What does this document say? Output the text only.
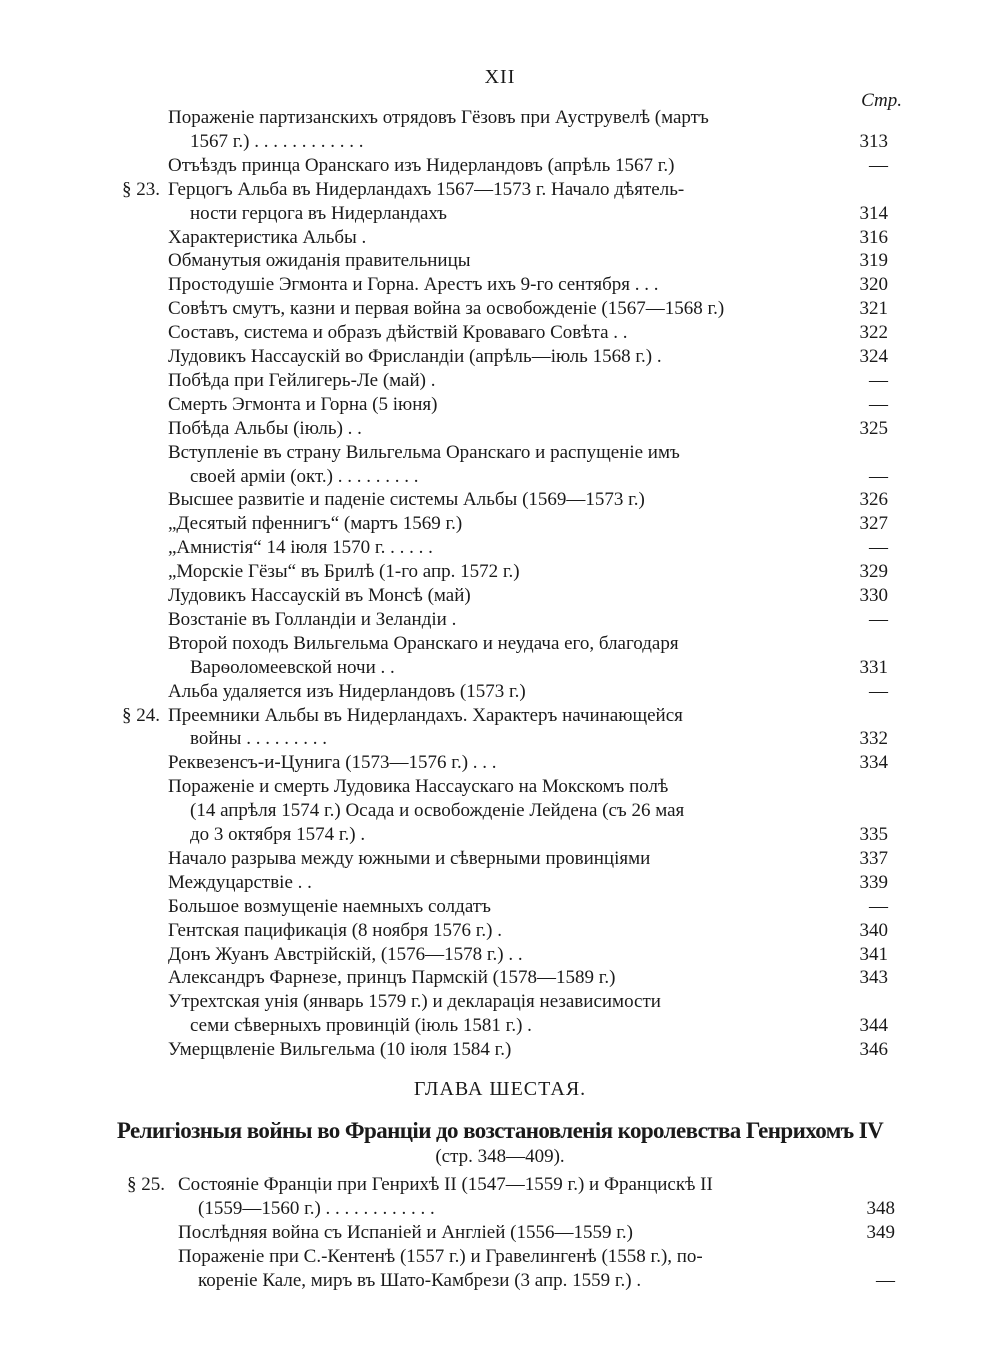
XII
Стр.
Пораженіе партизанскихъ отрядовъ Гёзовъ при Ауструвелѣ (мартъ
1567 г.) . . . . . . . . . . . .	313
Отъѣздъ принца Оранскаго изъ Нидерландовъ (апрѣль 1567 г.)	—
§ 23. Герцогъ Альба въ Нидерландахъ 1567—1573 г. Начало дѣятель-
ности герцога въ Нидерландахъ	314
Характеристика Альбы .	316
Обманутыя ожиданія правительницы	319
Простодушіе Эгмонта и Горна. Арестъ ихъ 9-го сентября . . .	320
Совѣтъ смутъ, казни и первая война за освобожденіе (1567—1568 г.)	321
Составъ, система и образъ дѣйствій Кроваваго Совѣта . .	322
Лудовикъ Нассаускій во Фрисландіи (апрѣль—іюль 1568 г.) .	324
Побѣда при Гейлигерь-Ле (май) .	—
Смерть Эгмонта и Горна (5 іюня)	—
Побѣда Альбы (іюль) . .	325
Вступленіе въ страну Вильгельма Оранскаго и распущеніе имъ
своей арміи (окт.) . . . . . . . . .	—
Высшее развитіе и паденіе системы Альбы (1569—1573 г.)	326
„Десятый пфеннигъ“ (мартъ 1569 г.)	327
„Амнистія“ 14 іюля 1570 г. . . . . .	—
„Морскіе Гёзы“ въ Брилѣ (1-го апр. 1572 г.)	329
Лудовикъ Нассаускій въ Монсѣ (май)	330
Возстаніе въ Голландіи и Зеландіи .	—
Второй походъ Вильгельма Оранскаго и неудача его, благодаря
Варѳоломеевской ночи . .	331
Альба удаляется изъ Нидерландовъ (1573 г.)	—
§ 24. Преемники Альбы въ Нидерландахъ. Характеръ начинающейся
войны . . . . . . . . .	332
Реквезенсъ-и-Цунига (1573—1576 г.) . . .	334
Пораженіе и смерть Лудовика Нассаускаго на Мокскомъ полѣ
(14 апрѣля 1574 г.) Осада и освобожденіе Лейдена (съ 26 мая
до 3 октября 1574 г.) .	335
Начало разрыва между южными и сѣверными провинціями	337
Междуцарствіе . .	339
Большое возмущеніе наемныхъ солдатъ	—
Гентская пацификація (8 ноября 1576 г.) .	340
Донъ Жуанъ Австрійскій, (1576—1578 г.) . .	341
Александръ Фарнезе, принцъ Пармскій (1578—1589 г.)	343
Утрехтская унія (январь 1579 г.) и декларація независимости
семи сѣверныхъ провинцій (іюль 1581 г.) .	344
Умерщвленіе Вильгельма (10 іюля 1584 г.)	346
ГЛАВА ШЕСТАЯ.
Религіозныя войны во Франціи до возстановленія королевства Генрихомъ IV
(стр. 348—409).
§ 25. Состояніе Франціи при Генрихѣ II (1547—1559 г.) и Францискѣ II
(1559—1560 г.) . . . . . . . . . . . .	348
Послѣдняя война съ Испаніей и Англіей (1556—1559 г.)	349
Пораженіе при С.-Кентенѣ (1557 г.) и Гравелингенѣ (1558 г.), по-
кореніе Кале, миръ въ Шато-Камбрези (3 апр. 1559 г.) .	—
